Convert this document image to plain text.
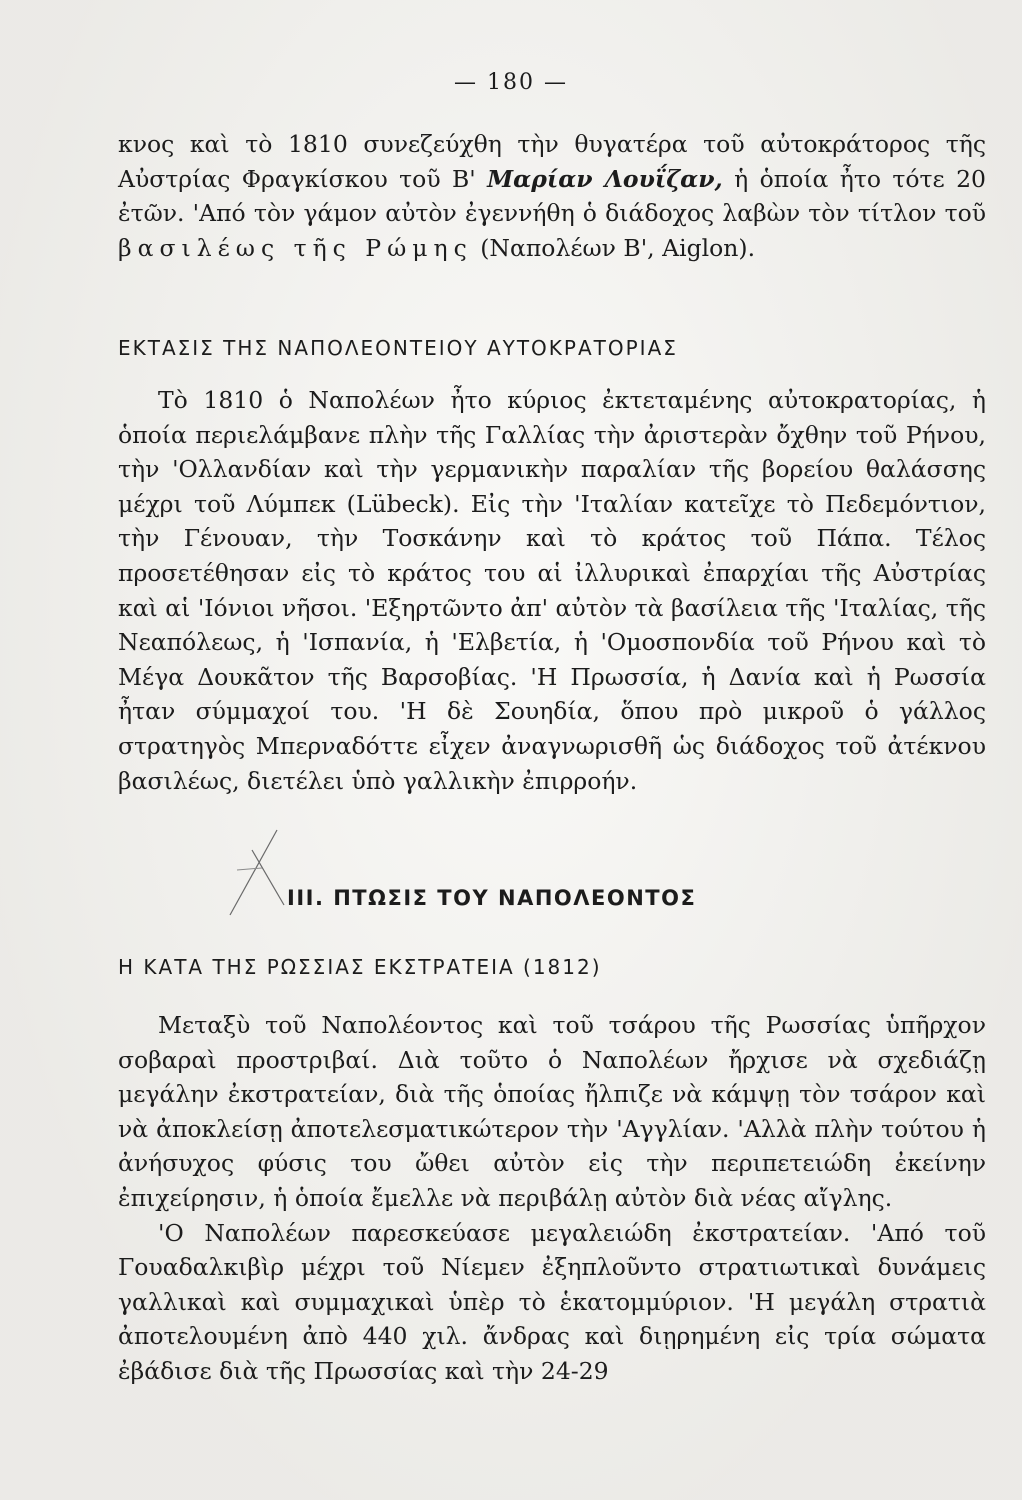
— 180 —

κνος καὶ τὸ 1810 συνεζεύχθη τὴν θυγατέρα τοῦ αὐτοκράτορος τῆς Αὐστρίας Φραγκίσκου τοῦ Β' Μαρίαν Λουΐζαν, ἡ ὁποία ἦτο τότε 20 ἐτῶν. 'Από τὸν γάμον αὐτὸν ἐγεννήθη ὁ διάδοχος λαβὼν τὸν τίτλον τοῦ βασιλέως τῆς Ρώμης (Ναπολέων Β', Aiglon).

ΕΚΤΑΣΙΣ ΤΗΣ ΝΑΠΟΛΕΟΝΤΕΙΟΥ ΑΥΤΟΚΡΑΤΟΡΙΑΣ

Τὸ 1810 ὁ Ναπολέων ἦτο κύριος ἐκτεταμένης αὐτοκρατορίας, ἡ ὁποία περιελάμβανε πλὴν τῆς Γαλλίας τὴν ἀριστερὰν ὄχθην τοῦ Ρήνου, τὴν 'Ολλανδίαν καὶ τὴν γερμανικὴν παραλίαν τῆς βορείου θαλάσσης μέχρι τοῦ Λύμπεκ (Lübeck). Εἰς τὴν 'Ιταλίαν κατεῖχε τὸ Πεδεμόντιον, τὴν Γένουαν, τὴν Τοσκάνην καὶ τὸ κράτος τοῦ Πάπα. Τέλος προσετέθησαν εἰς τὸ κράτος του αἱ ἰλλυρικαὶ ἐπαρχίαι τῆς Αὐστρίας καὶ αἱ 'Ιόνιοι νῆσοι. 'Εξηρτῶντο ἀπ' αὐτὸν τὰ βασίλεια τῆς 'Ιταλίας, τῆς Νεαπόλεως, ἡ 'Ισπανία, ἡ 'Ελβετία, ἡ 'Ομοσπονδία τοῦ Ρήνου καὶ τὸ Μέγα Δουκᾶτον τῆς Βαρσοβίας. 'Η Πρωσσία, ἡ Δανία καὶ ἡ Ρωσσία ἦταν σύμμαχοί του. 'Η δὲ Σουηδία, ὅπου πρὸ μικροῦ ὁ γάλλος στρατηγὸς Μπερναδόττε εἶχεν ἀναγνωρισθῆ ὡς διάδοχος τοῦ ἀτέκνου βασιλέως, διετέλει ὑπὸ γαλλικὴν ἐπιρροήν.

III. ΠΤΩΣΙΣ ΤΟΥ ΝΑΠΟΛΕΟΝΤΟΣ
Η ΚΑΤΑ ΤΗΣ ΡΩΣΣΙΑΣ ΕΚΣΤΡΑΤΕΙΑ (1812)

Μεταξὺ τοῦ Ναπολέοντος καὶ τοῦ τσάρου τῆς Ρωσσίας ὑπῆρχον σοβαραὶ προστριβαί. Διὰ τοῦτο ὁ Ναπολέων ἤρχισε νὰ σχεδιάζῃ μεγάλην ἐκστρατείαν, διὰ τῆς ὁποίας ἤλπιζε νὰ κάμψῃ τὸν τσάρον καὶ νὰ ἀποκλείσῃ ἀποτελεσματικώτερον τὴν 'Αγγλίαν. 'Αλλὰ πλὴν τούτου ἡ ἀνήσυχος φύσις του ὤθει αὐτὸν εἰς τὴν περιπετειώδη ἐκείνην ἐπιχείρησιν, ἡ ὁποία ἔμελλε νὰ περιβάλῃ αὐτὸν διὰ νέας αἴγλης.

'Ο Ναπολέων παρεσκεύασε μεγαλειώδη ἐκστρατείαν. 'Από τοῦ Γουαδαλκιβὶρ μέχρι τοῦ Νίεμεν ἐξηπλοῦντο στρατιωτικαὶ δυνάμεις γαλλικαὶ καὶ συμμαχικαὶ ὑπὲρ τὸ ἑκατομμύριον. 'Η μεγάλη στρατιὰ ἀποτελουμένη ἀπὸ 440 χιλ. ἄνδρας καὶ διῃρημένη εἰς τρία σώματα ἐβάδισε διὰ τῆς Πρωσσίας καὶ τὴν 24-29
